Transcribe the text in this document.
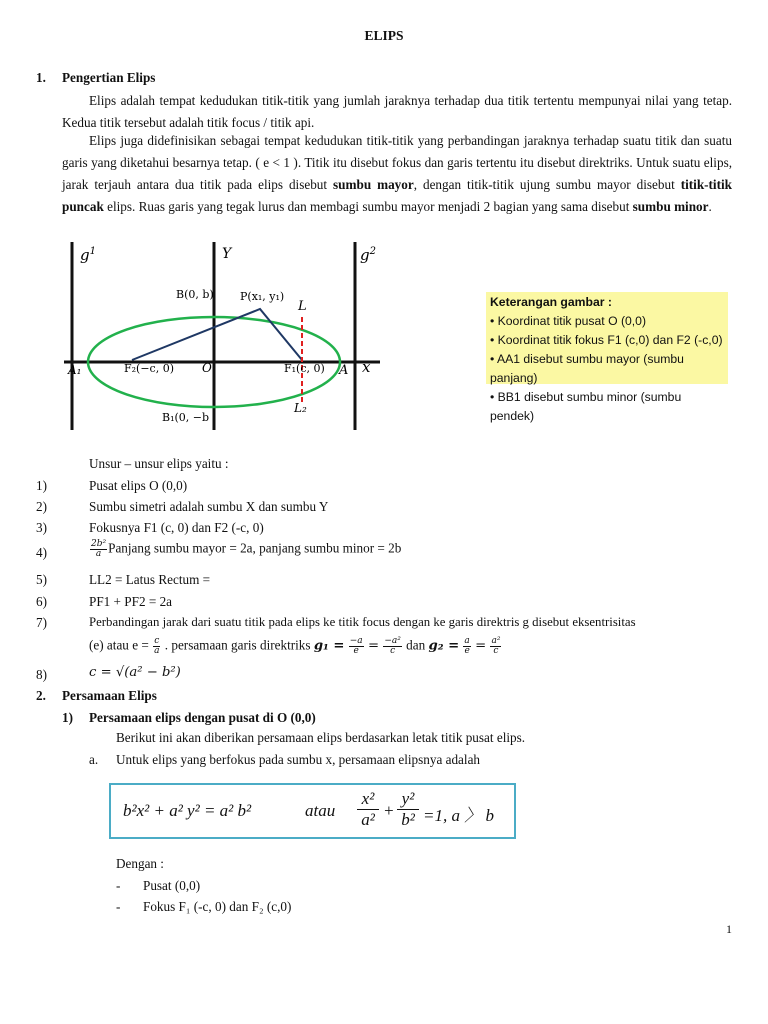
ELIPS
1. Pengertian Elips
Elips adalah tempat kedudukan titik-titik yang jumlah jaraknya terhadap dua titik tertentu mempunyai nilai yang tetap. Kedua titik tersebut adalah titik focus / titik api.
Elips juga didefinisikan sebagai tempat kedudukan titik-titik yang perbandingan jaraknya terhadap suatu titik dan suatu garis yang diketahui besarnya tetap. ( e < 1 ). Titik itu disebut fokus dan garis tertentu itu disebut direktriks. Untuk suatu elips, jarak terjauh antara dua titik pada elips disebut sumbu mayor, dengan titik-titik ujung sumbu mayor disebut titik-titik puncak elips. Ruas garis yang tegak lurus dan membagi sumbu mayor menjadi 2 bagian yang sama disebut sumbu minor.
$g^1$	$g^2$
Y
x
B(0, b) P(x₁, y₁)
L
A₁	F₂(−c, 0) O	F₁(c, 0) A
B₁(0, −b
L₂
Keterangan gambar :
• Koordinat titik pusat O (0,0)
• Koordinat titik fokus F1 (c,0) dan F2 (-c,0)
• AA1 disebut sumbu mayor (sumbu panjang)
• BB1 disebut sumbu minor (sumbu pendek)
Unsur – unsur elips yaitu :
1)	Pusat elips O (0,0)
2)	Sumbu simetri adalah sumbu X dan sumbu Y
3)	Fokusnya F1 (c, 0) dan F2 (-c, 0)
4)	$\frac{\text{2b²}}{a}$ Panjang sumbu mayor = 2a, panjang sumbu minor = 2b
5)	LL2 = Latus Rectum =
6)	PF1 + PF2 = 2a
7)	Perbandingan jarak dari suatu titik pada elips ke titik focus dengan ke garis direktris g disebut eksentrisitas
(e) atau $e = \frac{c}{a}$ . persamaan garis direktriks $g_1 = \frac{-a}{e} = \frac{\text{−a²}}{c}$ dan $g_2 = \frac{a}{e} = \frac{\text{a²}}{c}$
8)	c = √(a² − b²)
2. Persamaan Elips
1) Persamaan elips dengan pusat di O (0,0)
Berikut ini akan diberikan persamaan elips berdasarkan letak titik pusat elips.
a. Untuk elips yang berfokus pada sumbu x, persamaan elipsnya adalah
b²x² + a² y² = a² b²	atau
x²
a² +
y²
b² =1, a 〉 b
Dengan :
- Pusat (0,0)
- Fokus F₁ (-c, 0) dan F₂ (c,0)
1
